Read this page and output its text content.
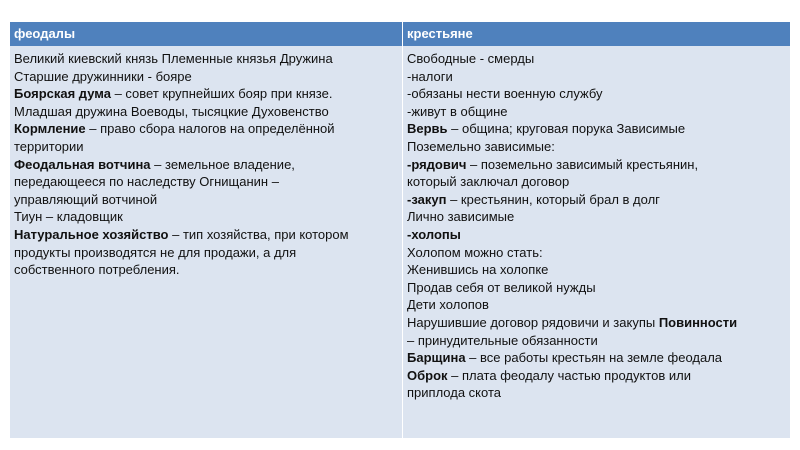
феодалы	крестьяне
Великий киевский князь Племенные князья Дружина
Старшие дружинники - бояре
Боярская дума – совет крупнейших бояр при князе.
Младшая дружина Воеводы, тысяцкие Духовенство
Кормление – право сбора налогов на определённой
территории
Феодальная вотчина – земельное владение,
передающееся по наследству Огнищанин –
управляющий вотчиной
Тиун – кладовщик
Натуральное хозяйство – тип хозяйства, при котором
продукты производятся не для продажи, а для
собственного потребления.
Свободные - смерды
-налоги
-обязаны нести военную службу
-живут в общине
Вервь – община; круговая порука Зависимые
Поземельно зависимые:
-рядович – поземельно зависимый крестьянин,
который заключал договор
-закуп – крестьянин, который брал в долг
Лично зависимые
-холопы
Холопом можно стать:
Женившись на холопке
Продав себя от великой нужды
Дети холопов
Нарушившие договор рядовичи и закупы Повинности
– принудительные обязанности
Барщина – все работы крестьян на земле феодала
Оброк – плата феодалу частью продуктов или
приплода скота
